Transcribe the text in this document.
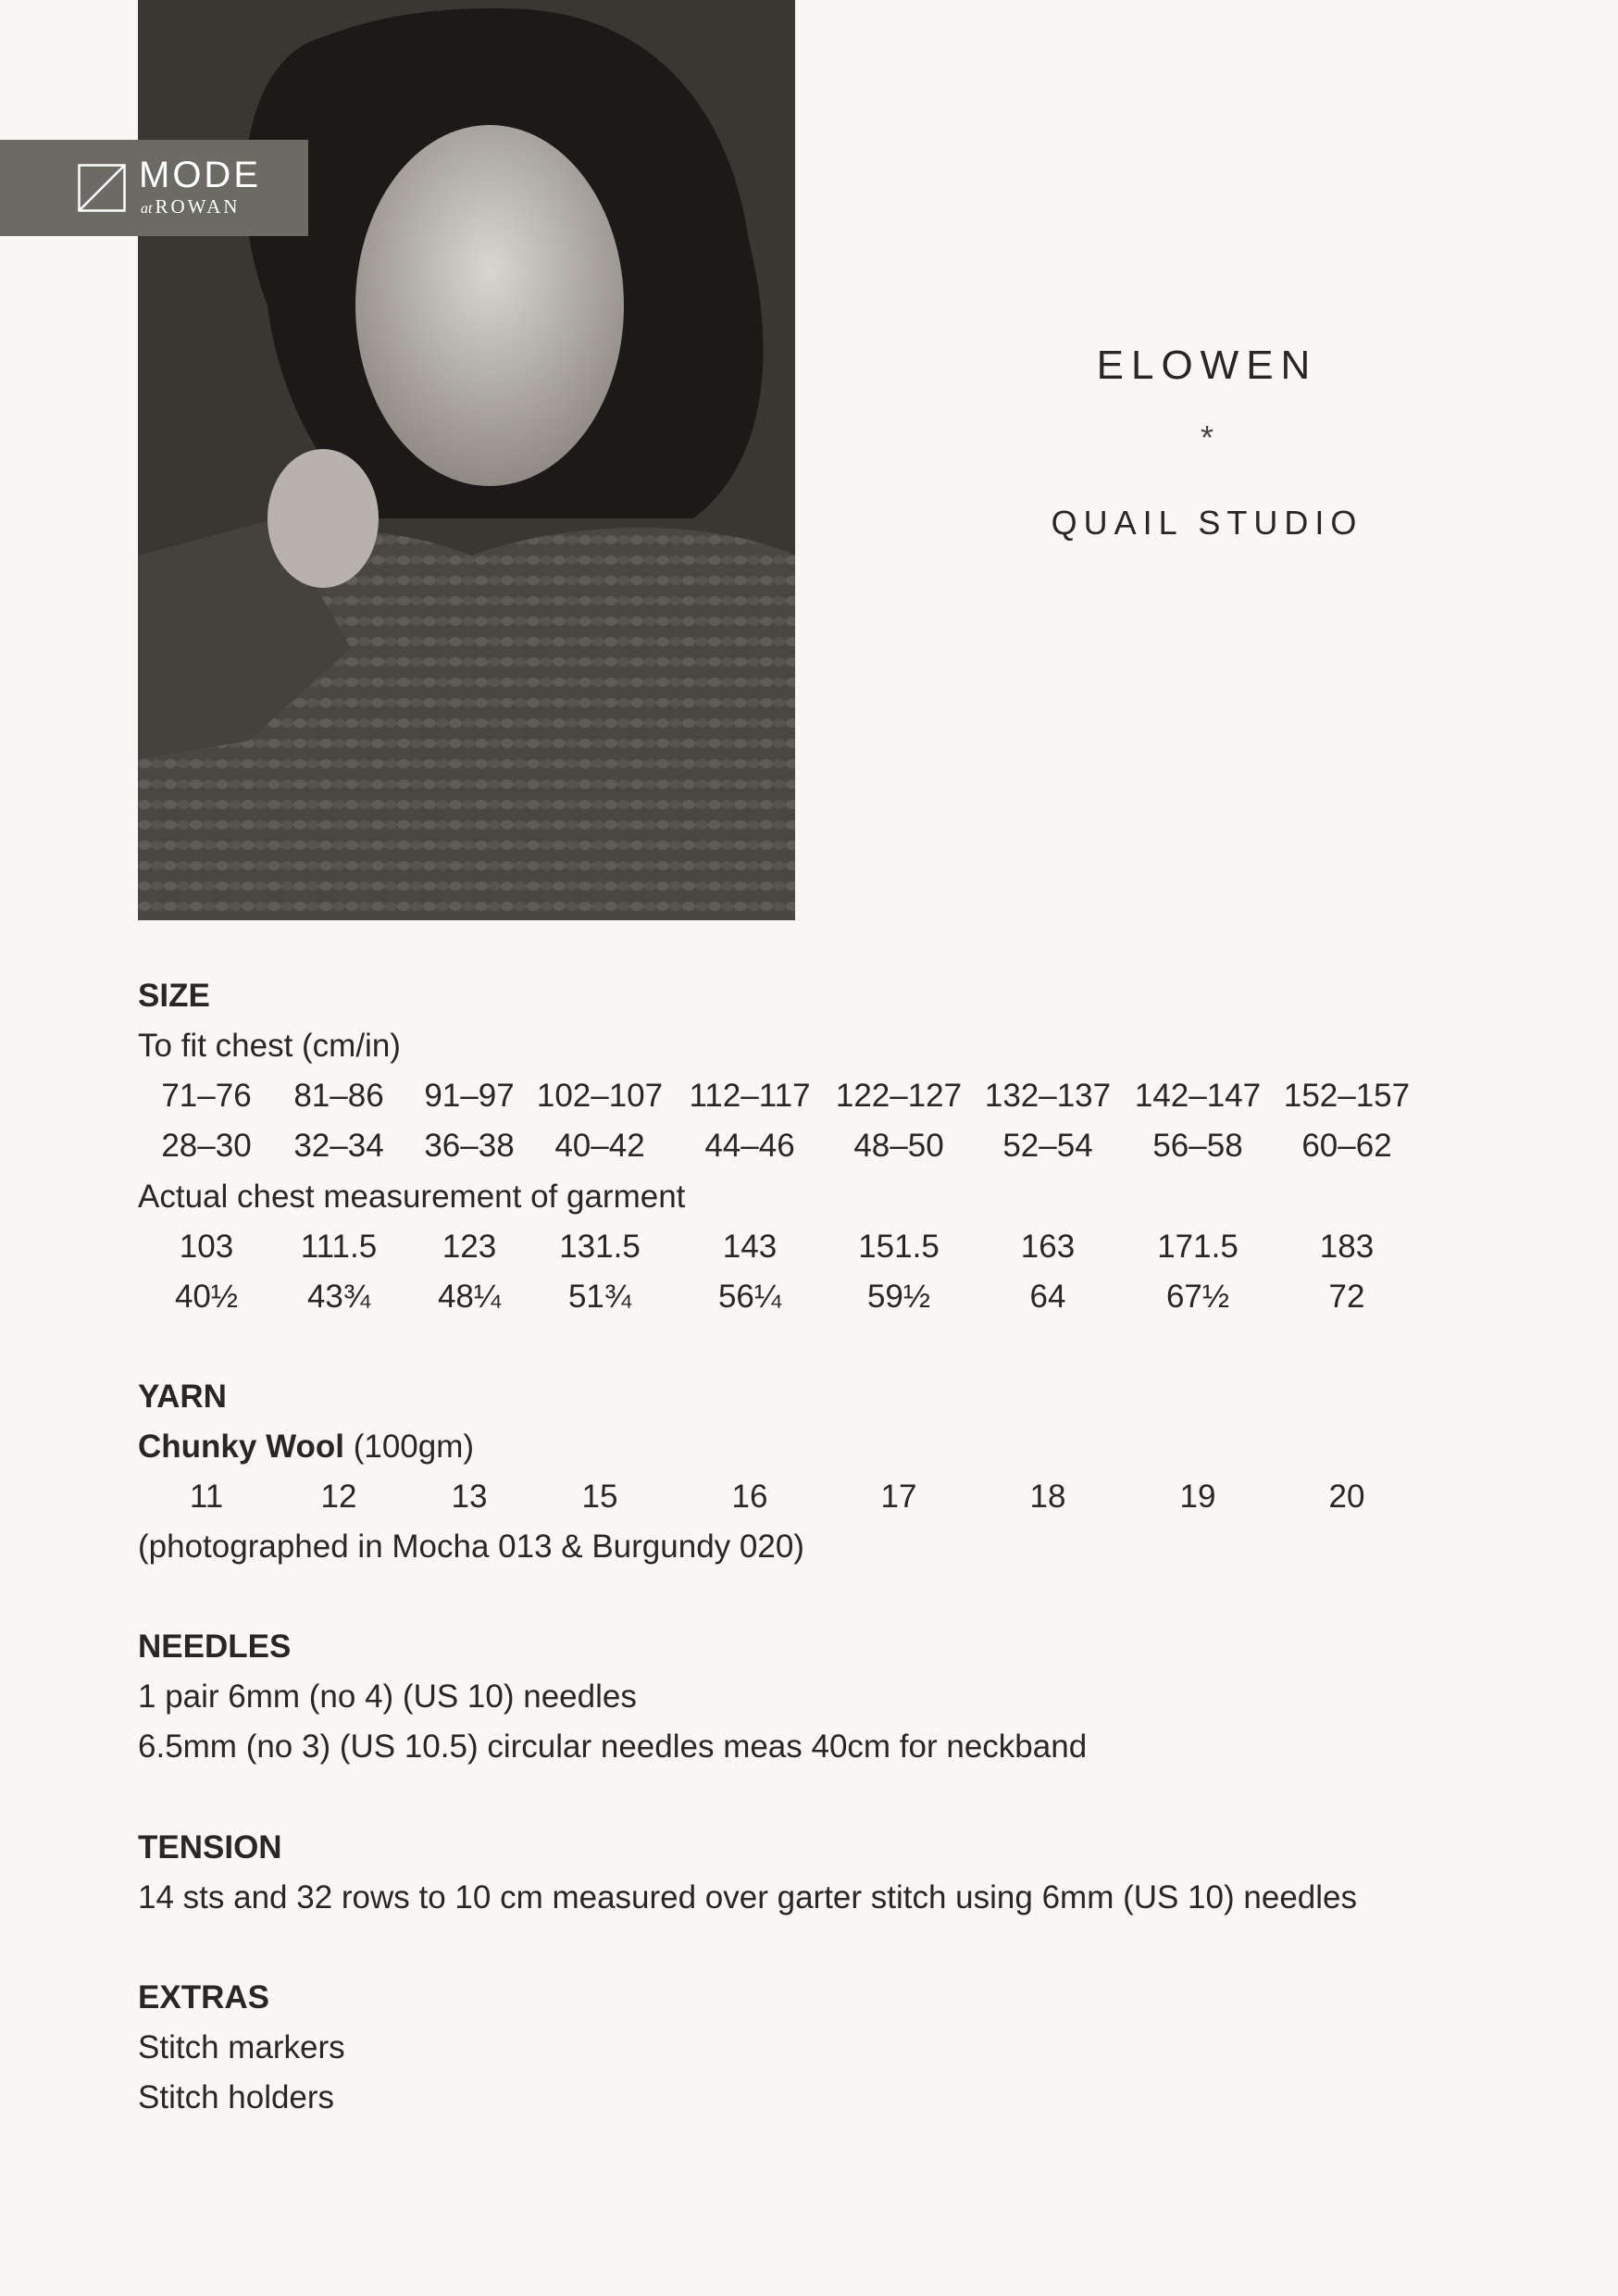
MODE
at ROWAN
ELOWEN
*
QUAIL STUDIO
SIZE
To fit chest (cm/in)
71–76	81–86	91–97 102–107 112–117 122–127 132–137 142–147 152–157
28–30	32–34	36–38	40–42	44–46	48–50	52–54	56–58	60–62
Actual chest measurement of garment
103	111.5	123	131.5	143	151.5	163	171.5	183
40½	43¾	48¼	51¾	56¼	59½	64	67½	72
YARN
Chunky Wool (100gm)
11	12	13	15	16	17	18	19	20
(photographed in Mocha 013 & Burgundy 020)
NEEDLES
1 pair 6mm (no 4) (US 10) needles
6.5mm (no 3) (US 10.5) circular needles meas 40cm for neckband
TENSION
14 sts and 32 rows to 10 cm measured over garter stitch using 6mm (US 10) needles
EXTRAS
Stitch markers
Stitch holders
